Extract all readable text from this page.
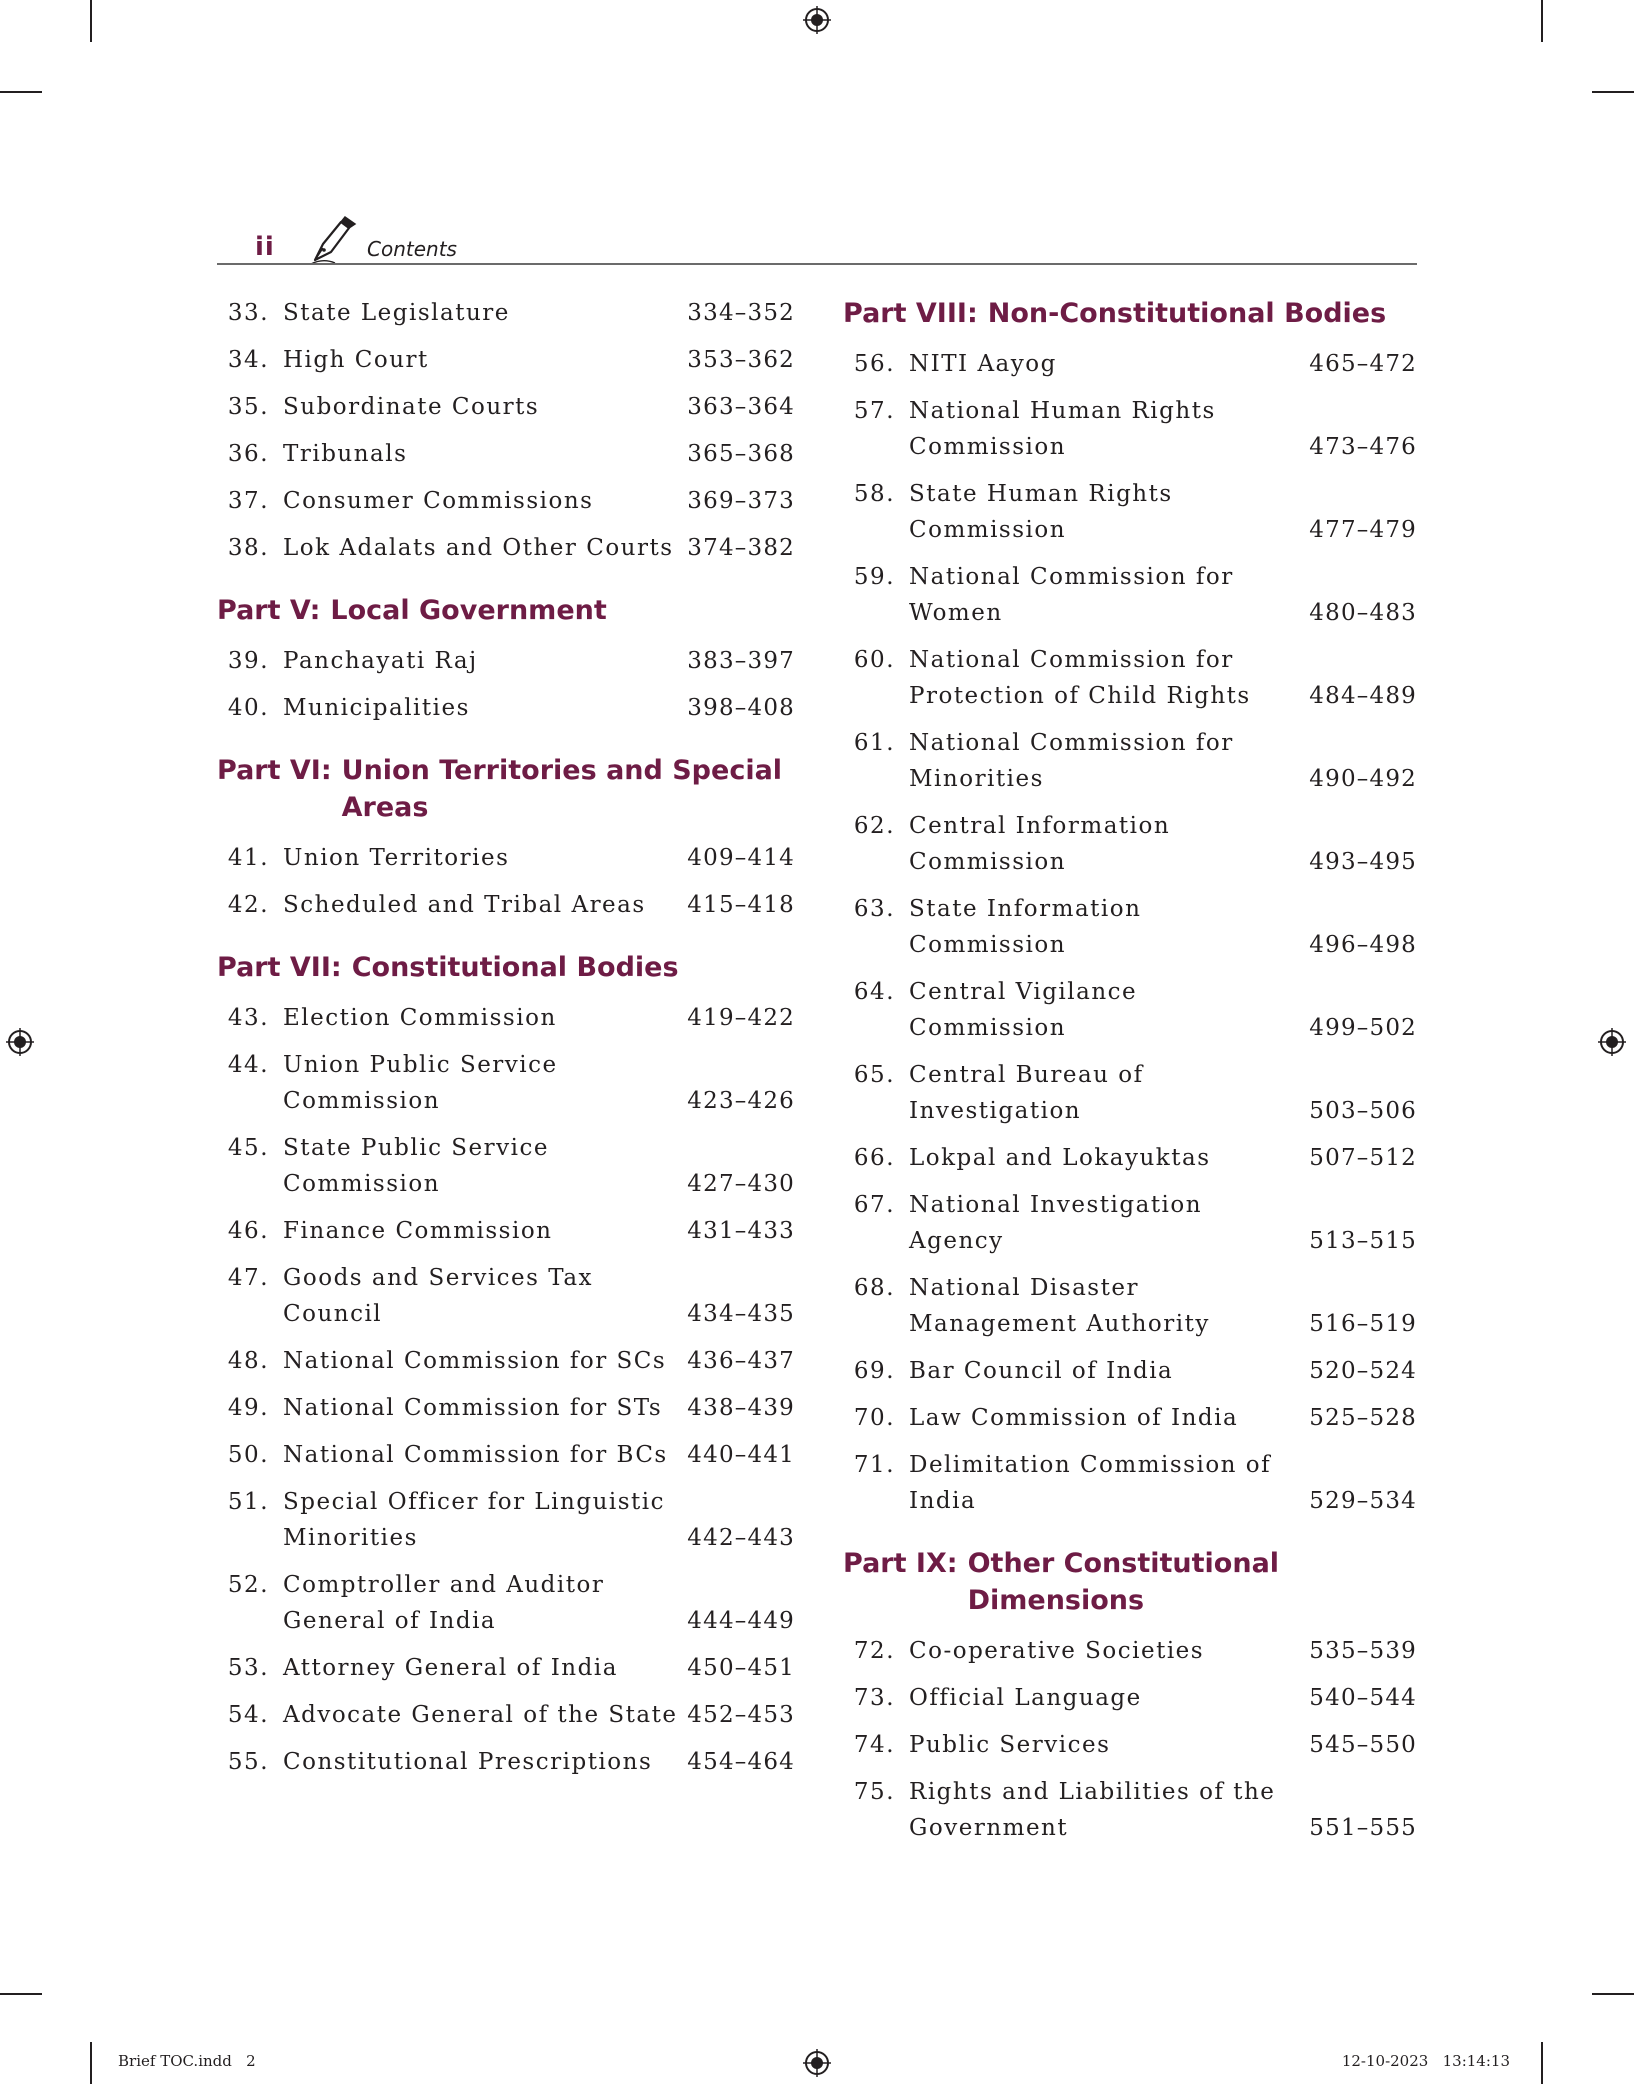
ii	Contents
33. State Legislature	334–352
34. High Court	353–362
35. Subordinate Courts	363–364
36. Tribunals	365–368
37. Consumer Commissions	369–373
38. Lok Adalats and Other Courts 374–382
Part V: Local Government
39. Panchayati Raj	383–397
40. Municipalities	398–408
Part VI: Union Territories and Special Areas
41. Union Territories	409–414
42. Scheduled and Tribal Areas	415–418
Part VII: Constitutional Bodies
43. Election Commission	419–422
44. Union Public Service Commission	423–426
45. State Public Service Commission	427–430
46. Finance Commission	431–433
47. Goods and Services Tax Council	434–435
48. National Commission for SCs 436–437
49. National Commission for STs	438–439
50. National Commission for BCs 440–441
51. Special Officer for Linguistic Minorities	442–443
52. Comptroller and Auditor General of India	444–449
53. Attorney General of India	450–451
54. Advocate General of the State 452–453
55. Constitutional Prescriptions	454–464
Part VIII: Non-Constitutional Bodies
56. NITI Aayog	465–472
57. National Human Rights Commission	473–476
58. State Human Rights Commission	477–479
59. National Commission for Women	480–483
60. National Commission for Protection of Child Rights	484–489
61. National Commission for Minorities	490–492
62. Central Information Commission	493–495
63. State Information Commission	496–498
64. Central Vigilance Commission	499–502
65. Central Bureau of Investigation	503–506
66. Lokpal and Lokayuktas	507–512
67. National Investigation Agency	513–515
68. National Disaster Management Authority	516–519
69. Bar Council of India	520–524
70. Law Commission of India	525–528
71. Delimitation Commission of India	529–534
Part IX: Other Constitutional Dimensions
72. Co-operative Societies	535–539
73. Official Language	540–544
74. Public Services	545–550
75. Rights and Liabilities of the Government	551–555
Brief TOC.indd   2	12-10-2023   13:14:13
